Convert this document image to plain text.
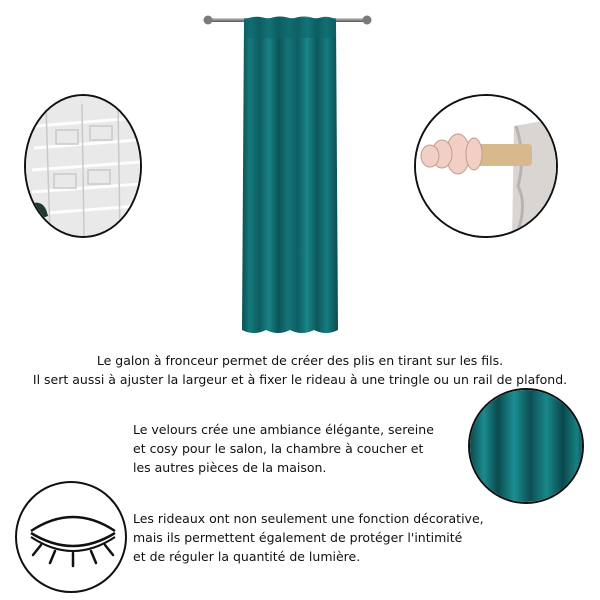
Le galon à fronceur permet de créer des plis en tirant sur les fils.
Il sert aussi à ajuster la largeur et à fixer le rideau à une tringle ou un rail de plafond.
Le velours crée une ambiance élégante, sereine
et cosy pour le salon, la chambre à coucher et
les autres pièces de la maison.
Les rideaux ont non seulement une fonction décorative,
mais ils permettent également de protéger l'intimité
et de réguler la quantité de lumière.
